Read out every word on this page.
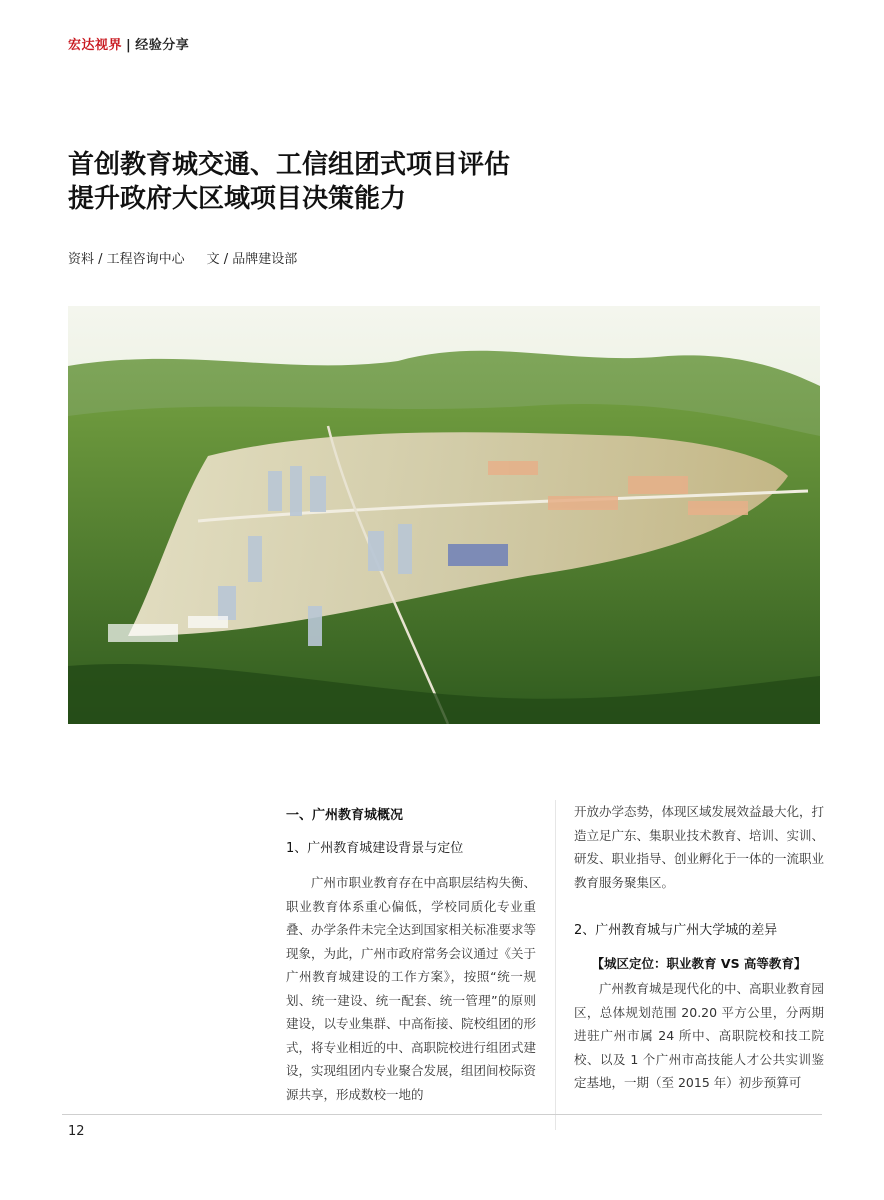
宏达视界 | 经验分享
首创教育城交通、工信组团式项目评估
提升政府大区域项目决策能力
资料 / 工程咨询中心 文 / 品牌建设部
一、广州教育城概况
1、广州教育城建设背景与定位

广州市职业教育存在中高职层结构失衡、职业教育体系重心偏低，学校同质化专业重叠、办学条件未完全达到国家相关标准要求等现象，为此，广州市政府常务会议通过《关于广州教育城建设的工作方案》，按照“统一规划、统一建设、统一配套、统一管理”的原则建设，以专业集群、中高衔接、院校组团的形式，将专业相近的中、高职院校进行组团式建设，实现组团内专业聚合发展，组团间校际资源共享，形成数校一地的

开放办学态势，体现区域发展效益最大化，打造立足广东、集职业技术教育、培训、实训、研发、职业指导、创业孵化于一体的一流职业教育服务聚集区。

2、广州教育城与广州大学城的差异
【城区定位：职业教育 VS 高等教育】

广州教育城是现代化的中、高职业教育园区，总体规划范围 20.20 平方公里，分两期进驻广州市属 24 所中、高职院校和技工院校、以及 1 个广州市高技能人才公共实训鉴定基地，一期（至 2015 年）初步预算可

12
